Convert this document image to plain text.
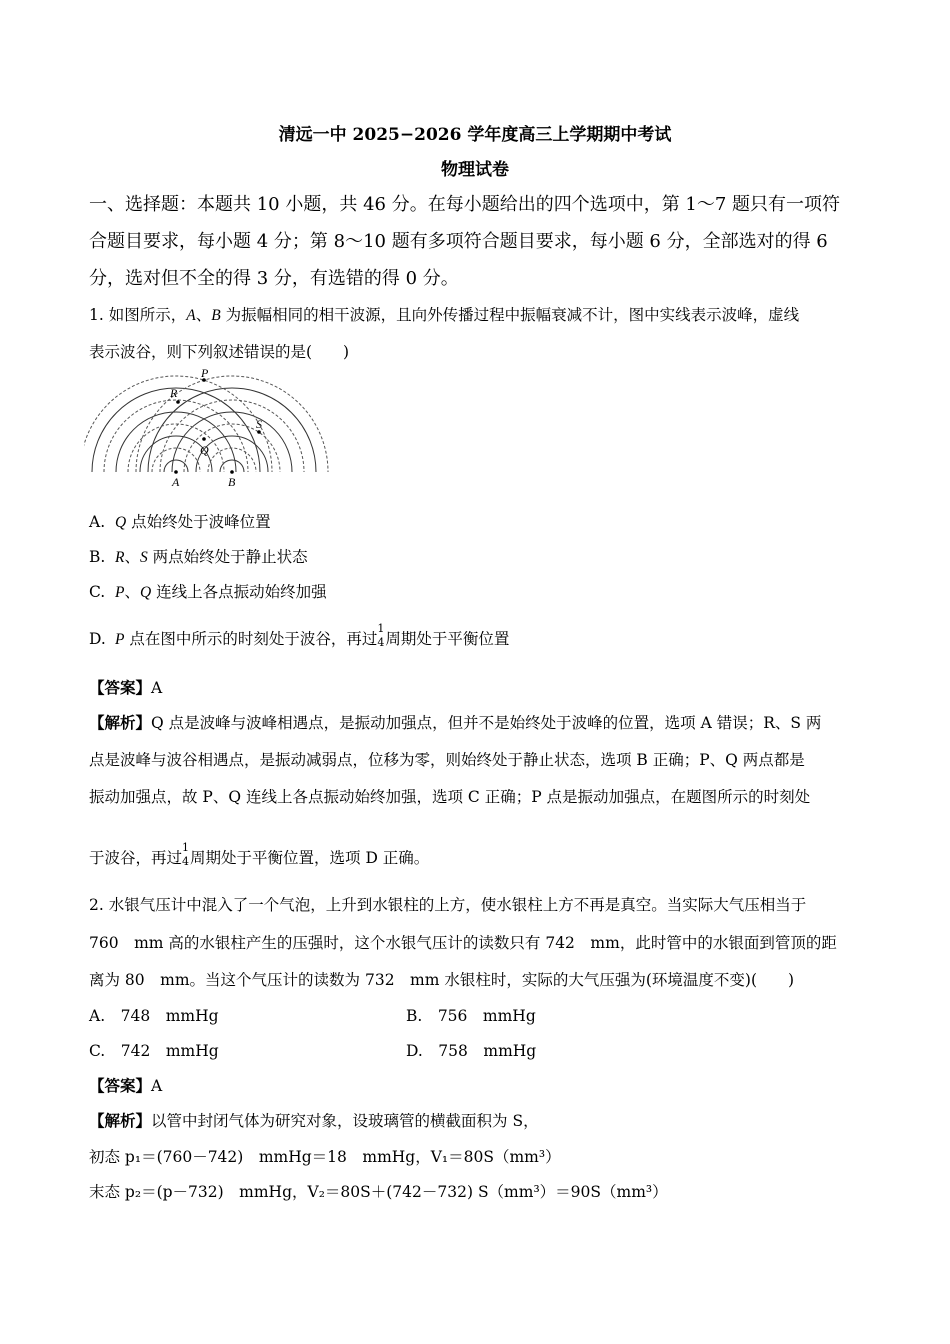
清远一中 2025−2026 学年度高三上学期期中考试
物理试卷
一、选择题：本题共 10 小题，共 46 分。在每小题给出的四个选项中，第 1～7 题只有一项符
合题目要求，每小题 4 分；第 8～10 题有多项符合题目要求，每小题 6 分，全部选对的得 6
分，选对但不全的得 3 分，有选错的得 0 分。
1. 如图所示，A、B 为振幅相同的相干波源，且向外传播过程中振幅衰减不计，图中实线表示波峰，虚线
表示波谷，则下列叙述错误的是(　　)
A	B
Q
P
R
S
A. Q 点始终处于波峰位置
B. R、S 两点始终处于静止状态
C. P、Q 连线上各点振动始终加强
D. P 点在图中所示的时刻处于波谷，再过
1
4 周期处于平衡位置
【答案】A
【解析】Q 点是波峰与波峰相遇点，是振动加强点，但并不是始终处于波峰的位置，选项 A 错误；R、S 两
点是波峰与波谷相遇点，是振动减弱点，位移为零，则始终处于静止状态，选项 B 正确；P、Q 两点都是
振动加强点，故 P、Q 连线上各点振动始终加强，选项 C 正确；P 点是振动加强点，在题图所示的时刻处
于波谷，再过
1
4 周期处于平衡位置，选项 D 正确。
2. 水银气压计中混入了一个气泡，上升到水银柱的上方，使水银柱上方不再是真空。当实际大气压相当于
760　mm 高的水银柱产生的压强时，这个水银气压计的读数只有 742　mm，此时管中的水银面到管顶的距
离为 80　mm。当这个气压计的读数为 732　mm 水银柱时，实际的大气压强为(环境温度不变)(　　)
A.　748　mmHg	B.　756　mmHg
C.　742　mmHg	D.　758　mmHg
【答案】A
【解析】以管中封闭气体为研究对象，设玻璃管的横截面积为 S，
初态 p₁＝(760－742)　mmHg＝18　mmHg，V₁＝80S（mm³）
末态 p₂＝(p－732)　mmHg，V₂＝80S＋(742－732) S（mm³）＝90S（mm³）
